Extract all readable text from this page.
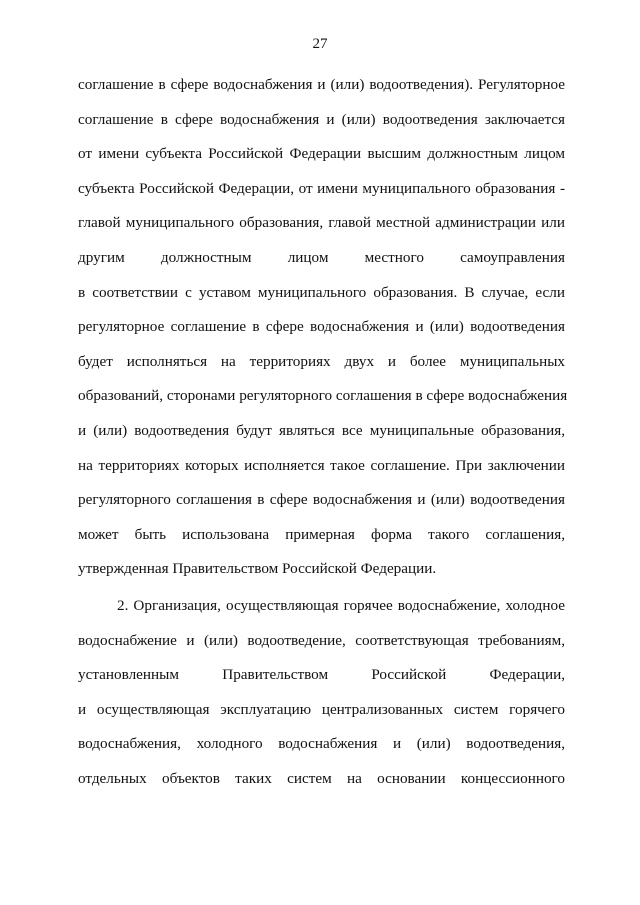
27
соглашение в сфере водоснабжения и (или) водоотведения). Регуляторное
соглашение в сфере водоснабжения и (или) водоотведения заключается
от имени субъекта Российской Федерации высшим должностным лицом
субъекта Российской Федерации, от имени муниципального образования -
главой муниципального образования, главой местной администрации или
другим должностным лицом местного самоуправления
в соответствии с уставом муниципального образования. В случае, если
регуляторное соглашение в сфере водоснабжения и (или) водоотведения
будет исполняться на территориях двух и более муниципальных
образований, сторонами регуляторного соглашения в сфере водоснабжения
и (или) водоотведения будут являться все муниципальные образования,
на территориях которых исполняется такое соглашение. При заключении
регуляторного соглашения в сфере водоснабжения и (или) водоотведения
может быть использована примерная форма такого соглашения,
утвержденная Правительством Российской Федерации.
2. Организация, осуществляющая горячее водоснабжение, холодное
водоснабжение и (или) водоотведение, соответствующая требованиям,
установленным Правительством Российской Федерации,
и осуществляющая эксплуатацию централизованных систем горячего
водоснабжения, холодного водоснабжения и (или) водоотведения,
отдельных объектов таких систем на основании концессионного
